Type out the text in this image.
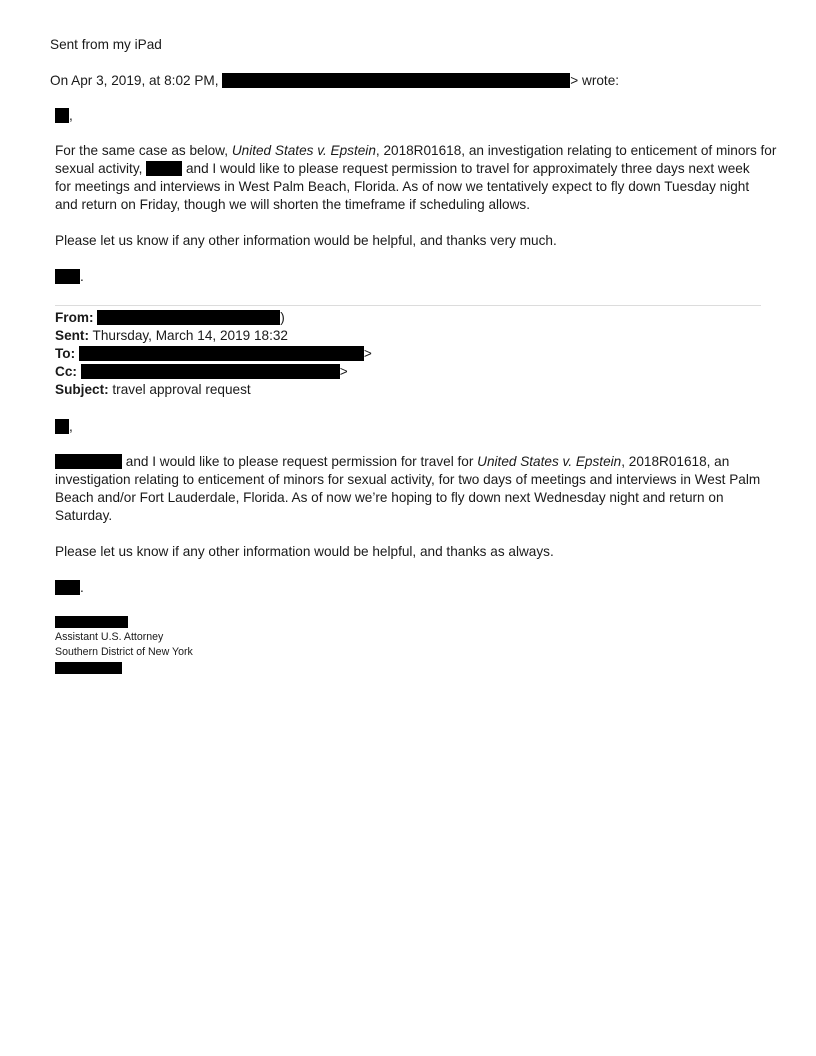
Sent from my iPad
On Apr 3, 2019, at 8:02 PM,	> wrote:
,
For the same case as below, United States v. Epstein, 2018R01618, an investigation relating to enticement of minors for
sexual activity,	and I would like to please request permission to travel for approximately three days next week
for meetings and interviews in West Palm Beach, Florida. As of now we tentatively expect to fly down Tuesday night
and return on Friday, though we will shorten the timeframe if scheduling allows.
Please let us know if any other information would be helpful, and thanks very much.
.
From:	)
Sent: Thursday, March 14, 2019 18:32
To:	>
Cc:	>
Subject: travel approval request
,
and I would like to please request permission for travel for United States v. Epstein, 2018R01618, an
investigation relating to enticement of minors for sexual activity, for two days of meetings and interviews in West Palm
Beach and/or Fort Lauderdale, Florida. As of now we’re hoping to fly down next Wednesday night and return on
Saturday.
Please let us know if any other information would be helpful, and thanks as always.
.
Assistant U.S. Attorney
Southern District of New York
